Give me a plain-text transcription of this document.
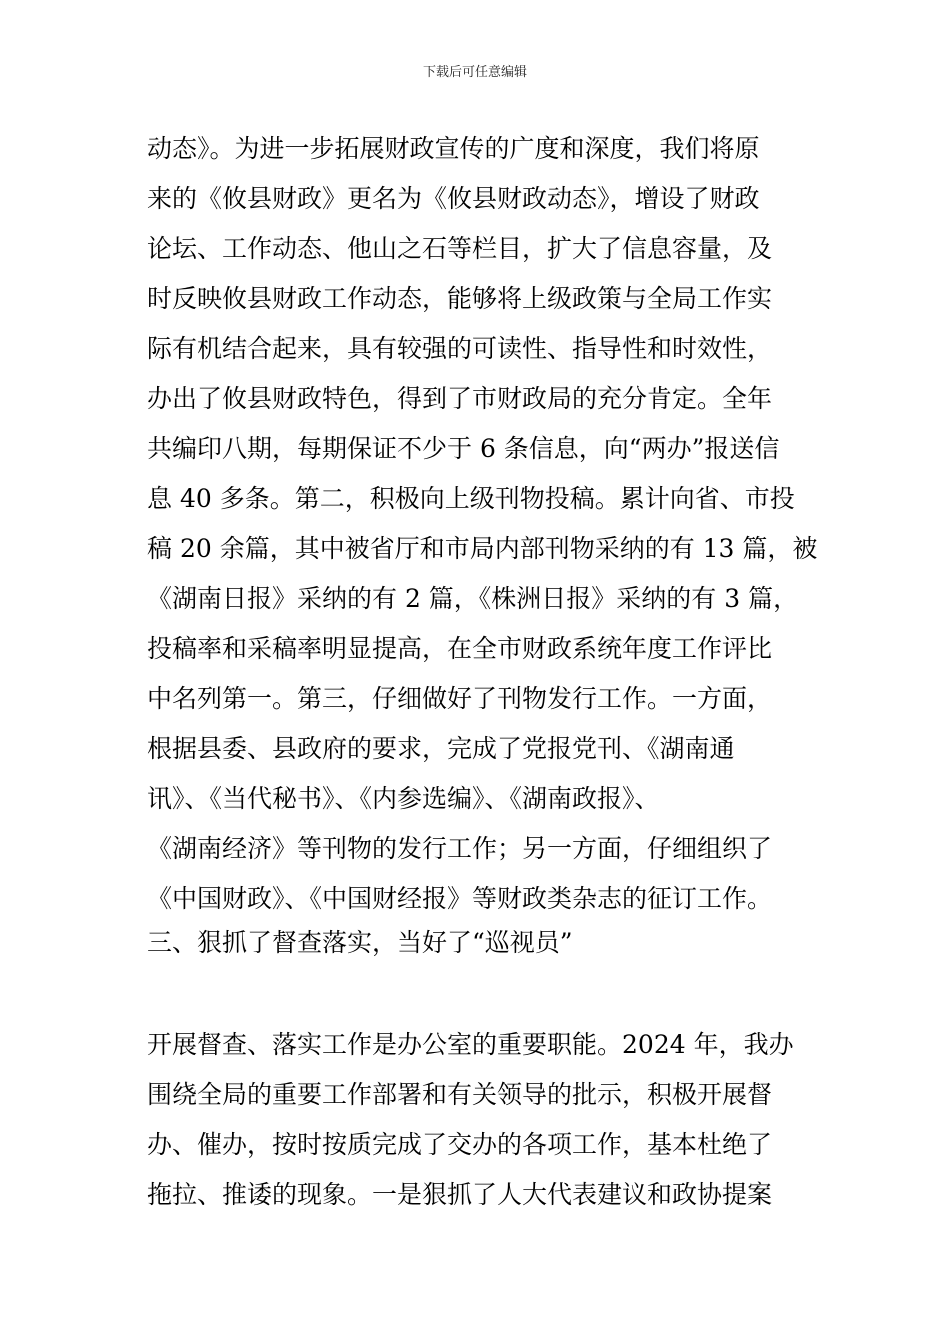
下载后可任意编辑
动态》。为进一步拓展财政宣传的广度和深度，我们将原
来的《攸县财政》更名为《攸县财政动态》，增设了财政
论坛、工作动态、他山之石等栏目，扩大了信息容量，及
时反映攸县财政工作动态，能够将上级政策与全局工作实
际有机结合起来，具有较强的可读性、指导性和时效性，
办出了攸县财政特色，得到了市财政局的充分肯定。全年
共编印八期，每期保证不少于 6 条信息，向“两办”报送信
息 40 多条。第二，积极向上级刊物投稿。累计向省、市投
稿 20 余篇，其中被省厅和市局内部刊物采纳的有 13 篇，被
《湖南日报》采纳的有 2 篇，《株洲日报》采纳的有 3 篇，
投稿率和采稿率明显提高，在全市财政系统年度工作评比
中名列第一。第三，仔细做好了刊物发行工作。一方面，
根据县委、县政府的要求，完成了党报党刊、《湖南通
讯》、《当代秘书》、《内参选编》、《湖南政报》、
《湖南经济》等刊物的发行工作；另一方面，仔细组织了
《中国财政》、《中国财经报》等财政类杂志的征订工作。
三、狠抓了督查落实，当好了“巡视员”
开展督查、落实工作是办公室的重要职能。2024 年，我办
围绕全局的重要工作部署和有关领导的批示，积极开展督
办、催办，按时按质完成了交办的各项工作，基本杜绝了
拖拉、推诿的现象。一是狠抓了人大代表建议和政协提案
